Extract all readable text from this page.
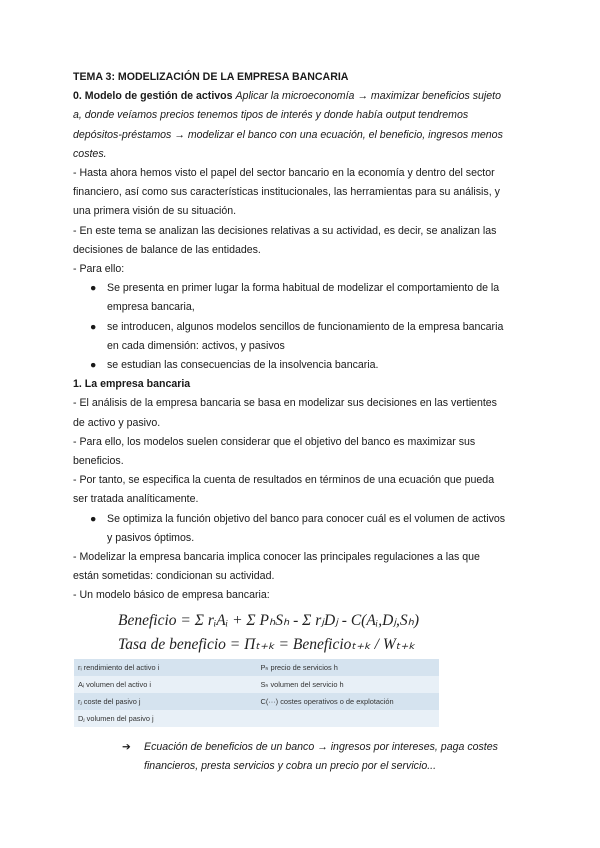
TEMA 3: MODELIZACIÓN DE LA EMPRESA BANCARIA
0. Modelo de gestión de activos Aplicar la microeconomía → maximizar beneficios sujeto
a, donde veíamos precios tenemos tipos de interés y donde había output tendremos
depósitos-préstamos → modelizar el banco con una ecuación, el beneficio, ingresos menos
costes.
- Hasta ahora hemos visto el papel del sector bancario en la economía y dentro del sector
financiero, así como sus características institucionales, las herramientas para su análisis, y
una primera visión de su situación.
- En este tema se analizan las decisiones relativas a su actividad, es decir, se analizan las
decisiones de balance de las entidades.
- Para ello:
● Se presenta en primer lugar la forma habitual de modelizar el comportamiento de la
empresa bancaria,
● se introducen, algunos modelos sencillos de funcionamiento de la empresa bancaria
en cada dimensión: activos, y pasivos
● se estudian las consecuencias de la insolvencia bancaria.
1. La empresa bancaria
- El análisis de la empresa bancaria se basa en modelizar sus decisiones en las vertientes
de activo y pasivo.
- Para ello, los modelos suelen considerar que el objetivo del banco es maximizar sus
beneficios.
- Por tanto, se especifica la cuenta de resultados en términos de una ecuación que pueda
ser tratada analíticamente.
● Se optimiza la función objetivo del banco para conocer cuál es el volumen de activos
y pasivos óptimos.
- Modelizar la empresa bancaria implica conocer las principales regulaciones a las que
están sometidas: condicionan su actividad.
- Un modelo básico de empresa bancaria:
Beneficio = Σ rᵢAᵢ + Σ PₕSₕ - Σ rⱼDⱼ - C(Aᵢ,Dⱼ,Sₕ)
Tasa de beneficio = Πₜ₊ₖ = Beneficioₜ₊ₖ / Wₜ₊ₖ
rᵢ rendimiento del activo i	Pₕ precio de servicios h
Aᵢ volumen del activo i	Sₕ volumen del servicio h
rⱼ coste del pasivo j	C(···) costes operativos o de explotación
Dⱼ volumen del pasivo j	
➔	Ecuación de beneficios de un banco → ingresos por intereses, paga costes
financieros, presta servicios y cobra un precio por el servicio...
